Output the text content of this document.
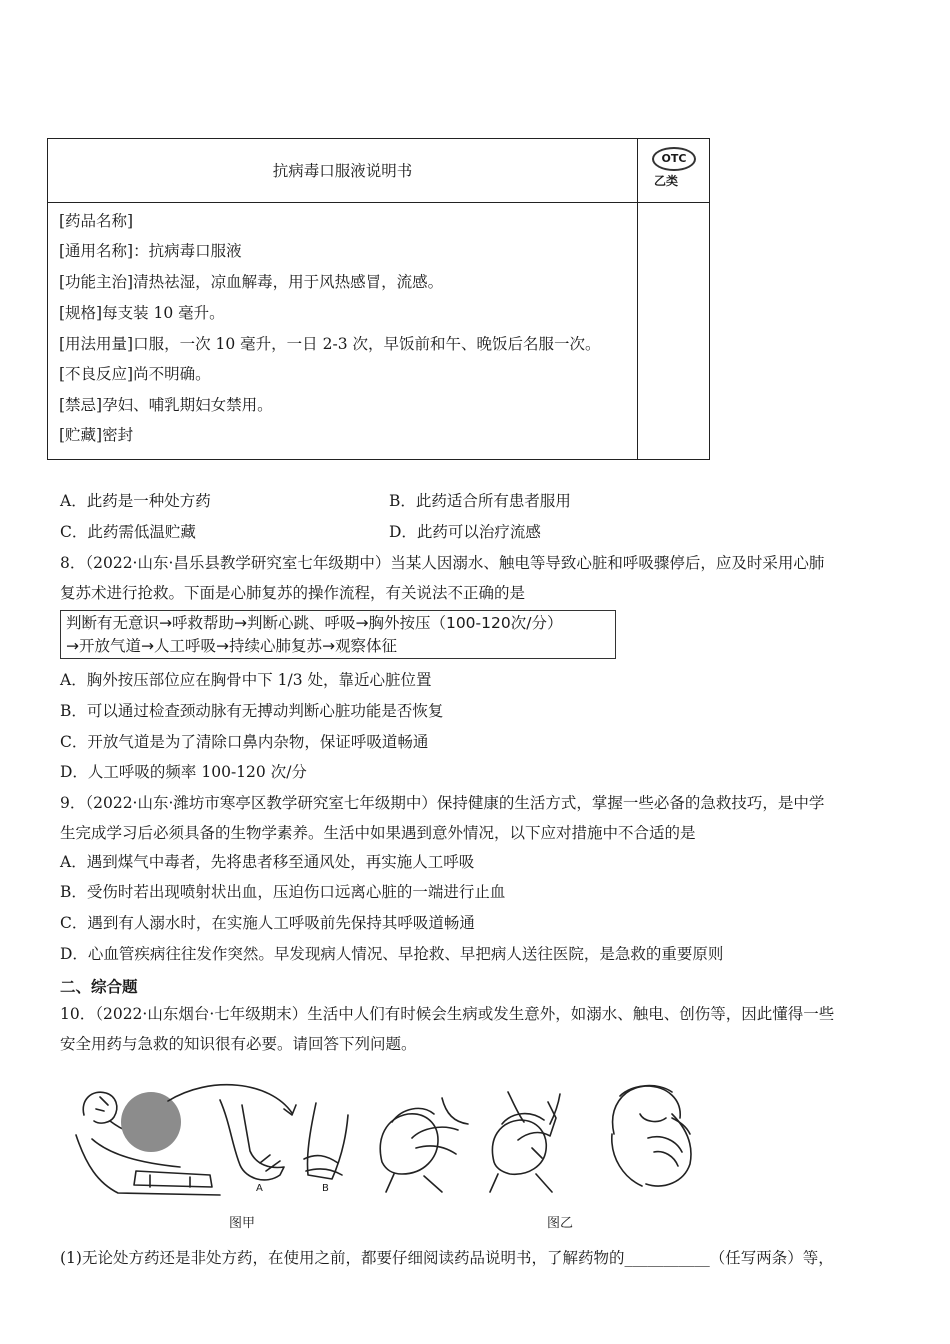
抗病毒口服液说明书
OTC
乙类
[药品名称]
[通用名称]：抗病毒口服液
[功能主治]清热祛湿，凉血解毒，用于风热感冒，流感。
[规格]每支装 10 毫升。
[用法用量]口服，一次 10 毫升，一日 2-3 次，早饭前和午、晚饭后名服一次。
[不良反应]尚不明确。
[禁忌]孕妇、哺乳期妇女禁用。
[贮藏]密封
A．此药是一种处方药	B．此药适合所有患者服用
C．此药需低温贮藏	D．此药可以治疗流感
8．（2022·山东·昌乐县教学研究室七年级期中）当某人因溺水、触电等导致心脏和呼吸骤停后，应及时采用心肺
复苏术进行抢救。下面是心肺复苏的操作流程，有关说法不正确的是
判断有无意识→呼救帮助→判断心跳、呼吸→胸外按压（100-120次/分）
→开放气道→人工呼吸→持续心肺复苏→观察体征
A．胸外按压部位应在胸骨中下 1/3 处，靠近心脏位置
B．可以通过检查颈动脉有无搏动判断心脏功能是否恢复
C．开放气道是为了清除口鼻内杂物，保证呼吸道畅通
D．人工呼吸的频率 100-120 次/分
9．（2022·山东·潍坊市寒亭区教学研究室七年级期中）保持健康的生活方式，掌握一些必备的急救技巧，是中学
生完成学习后必须具备的生物学素养。生活中如果遇到意外情况，以下应对措施中不合适的是
A．遇到煤气中毒者，先将患者移至通风处，再实施人工呼吸
B．受伤时若出现喷射状出血，压迫伤口远离心脏的一端进行止血
C．遇到有人溺水时，在实施人工呼吸前先保持其呼吸道畅通
D．心血管疾病往往发作突然。早发现病人情况、早抢救、早把病人送往医院，是急救的重要原则
二、综合题
10．（2022·山东烟台·七年级期末）生活中人们有时候会生病或发生意外，如溺水、触电、创伤等，因此懂得一些
安全用药与急救的知识很有必要。请回答下列问题。
A	B
图甲	图乙
(1)无论处方药还是非处方药，在使用之前，都要仔细阅读药品说明书，了解药物的___________（任写两条）等，
